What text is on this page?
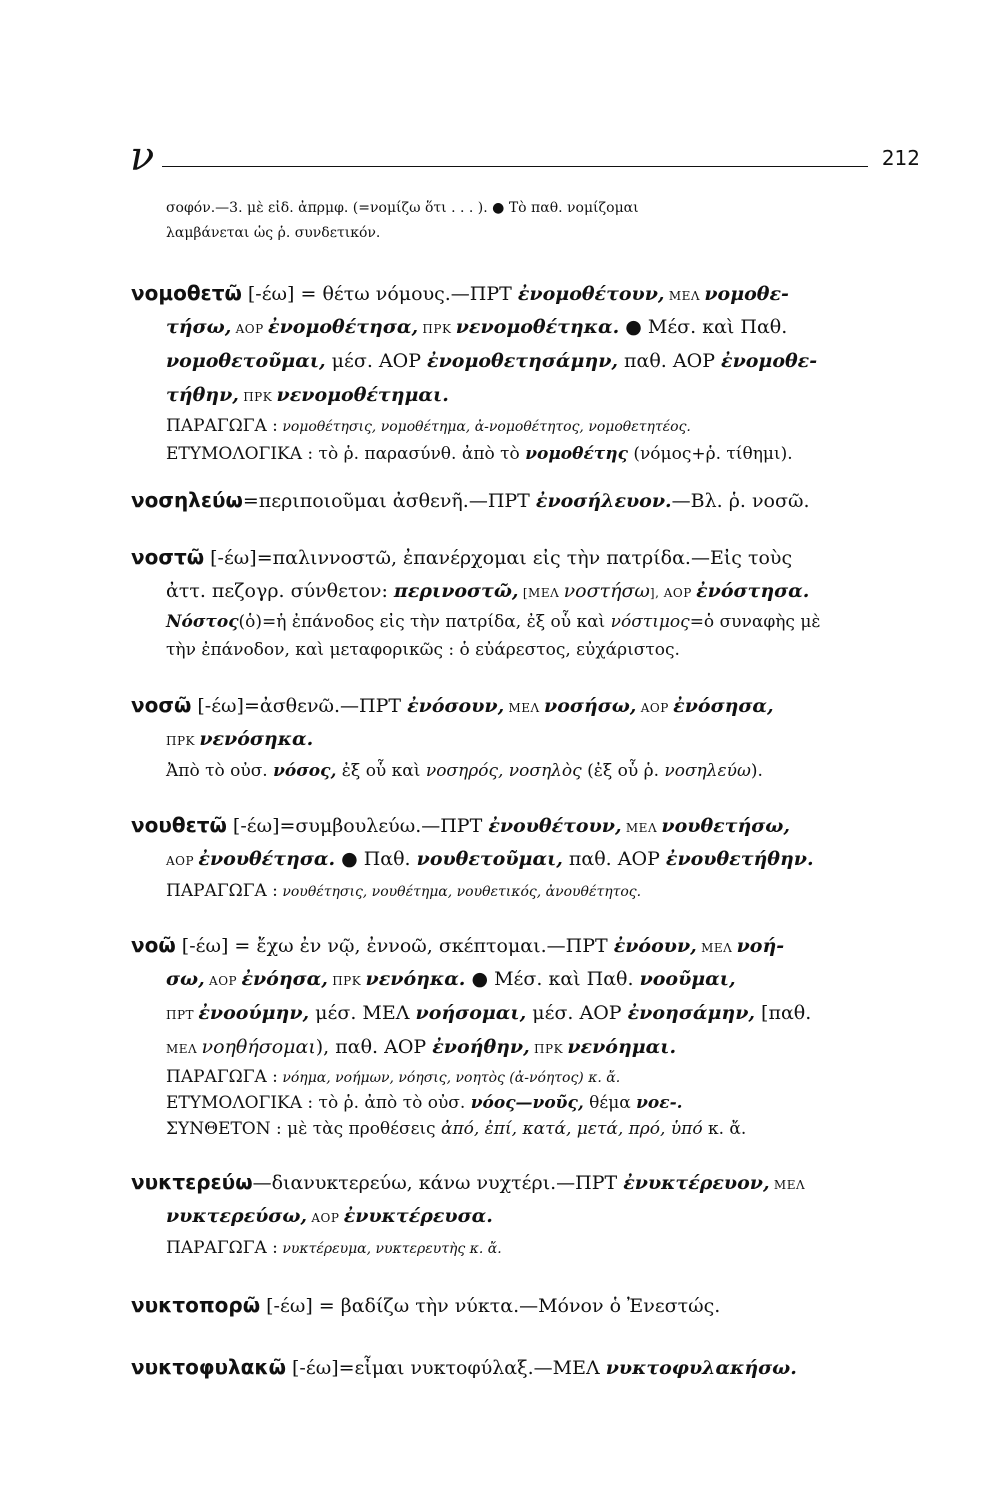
ν	212
σοφόν.—3. μὲ εἰδ. ἀπρμφ. (=νομίζω ὅτι . . . ). ● Τὸ παθ. νομίζομαι
λαμβάνεται ὡς ῥ. συνδετικόν.
νομοθετῶ [-έω] = θέτω νόμους.—ΠΡΤ ἐνομοθέτουν, ΜΕΛ νομοθε-
τήσω, ΑΟΡ ἐνομοθέτησα, ΠΡΚ νενομοθέτηκα. ● Μέσ. καὶ Παθ.
νομοθετοῦμαι, μέσ. ΑΟΡ ἐνομοθετησάμην, παθ. ΑΟΡ ἐνομοθε-
τήθην, ΠΡΚ νενομοθέτημαι.
ΠΑΡΑΓΩΓΑ : νομοθέτησις, νομοθέτημα, ἀ-νομοθέτητος, νομοθετητέος.
ΕΤΥΜΟΛΟΓΙΚΑ : τὸ ῥ. παρασύνθ. ἀπὸ τὸ νομοθέτης (νόμος+ῥ. τίθημι).
νοσηλεύω=περιποιοῦμαι ἀσθενῆ.—ΠΡΤ ἐνοσήλευον.—Βλ. ῥ. νοσῶ.
νοστῶ [-έω]=παλιννοστῶ, ἐπανέρχομαι εἰς τὴν πατρίδα.—Εἰς τοὺς
ἀττ. πεζογρ. σύνθετον: περινοστῶ, [ΜΕΛ νοστήσω], ΑΟΡ ἐνόστησα.
Νόστος(ὁ)=ἡ ἐπάνοδος εἰς τὴν πατρίδα, ἐξ οὗ καὶ νόστιμος=ὁ συναφὴς μὲ
τὴν ἐπάνοδον, καὶ μεταφορικῶς : ὁ εὐάρεστος, εὐχάριστος.
νοσῶ [-έω]=ἀσθενῶ.—ΠΡΤ ἐνόσουν, ΜΕΛ νοσήσω, ΑΟΡ ἐνόσησα,
ΠΡΚ νενόσηκα.
Ἀπὸ τὸ οὐσ. νόσος, ἐξ οὗ καὶ νοσηρός, νοσηλὸς (ἐξ οὗ ῥ. νοσηλεύω).
νουθετῶ [-έω]=συμβουλεύω.—ΠΡΤ ἐνουθέτουν, ΜΕΛ νουθετήσω,
ΑΟΡ ἐνουθέτησα. ● Παθ. νουθετοῦμαι, παθ. ΑΟΡ ἐνουθετήθην.
ΠΑΡΑΓΩΓΑ : νουθέτησις, νουθέτημα, νουθετικός, ἀνουθέτητος.
νοῶ [-έω] = ἔχω ἐν νῷ, ἐννοῶ, σκέπτομαι.—ΠΡΤ ἐνόουν, ΜΕΛ νοή-
σω, ΑΟΡ ἐνόησα, ΠΡΚ νενόηκα. ● Μέσ. καὶ Παθ. νοοῦμαι,
ΠΡΤ ἐνοούμην, μέσ. ΜΕΛ νοήσομαι, μέσ. ΑΟΡ ἐνοησάμην, [παθ.
ΜΕΛ νοηθήσομαι), παθ. ΑΟΡ ἐνοήθην, ΠΡΚ νενόημαι.
ΠΑΡΑΓΩΓΑ : νόημα, νοήμων, νόησις, νοητὸς (ἀ-νόητος) κ. ἄ.
ΕΤΥΜΟΛΟΓΙΚΑ : τὸ ῥ. ἀπὸ τὸ οὐσ. νόος—νοῦς, θέμα νοε-.
ΣΥΝΘΕΤΟΝ : μὲ τὰς προθέσεις ἀπό, ἐπί, κατά, μετά, πρό, ὑπό κ. ἄ.
νυκτερεύω—διανυκτερεύω, κάνω νυχτέρι.—ΠΡΤ ἐνυκτέρευον, ΜΕΛ
νυκτερεύσω, ΑΟΡ ἐνυκτέρευσα.
ΠΑΡΑΓΩΓΑ : νυκτέρευμα, νυκτερευτὴς κ. ἄ.
νυκτοπορῶ [-έω] = βαδίζω τὴν νύκτα.—Μόνον ὁ Ἐνεστώς.
νυκτοφυλακῶ [-έω]=εἶμαι νυκτοφύλαξ.—ΜΕΛ νυκτοφυλακήσω.
